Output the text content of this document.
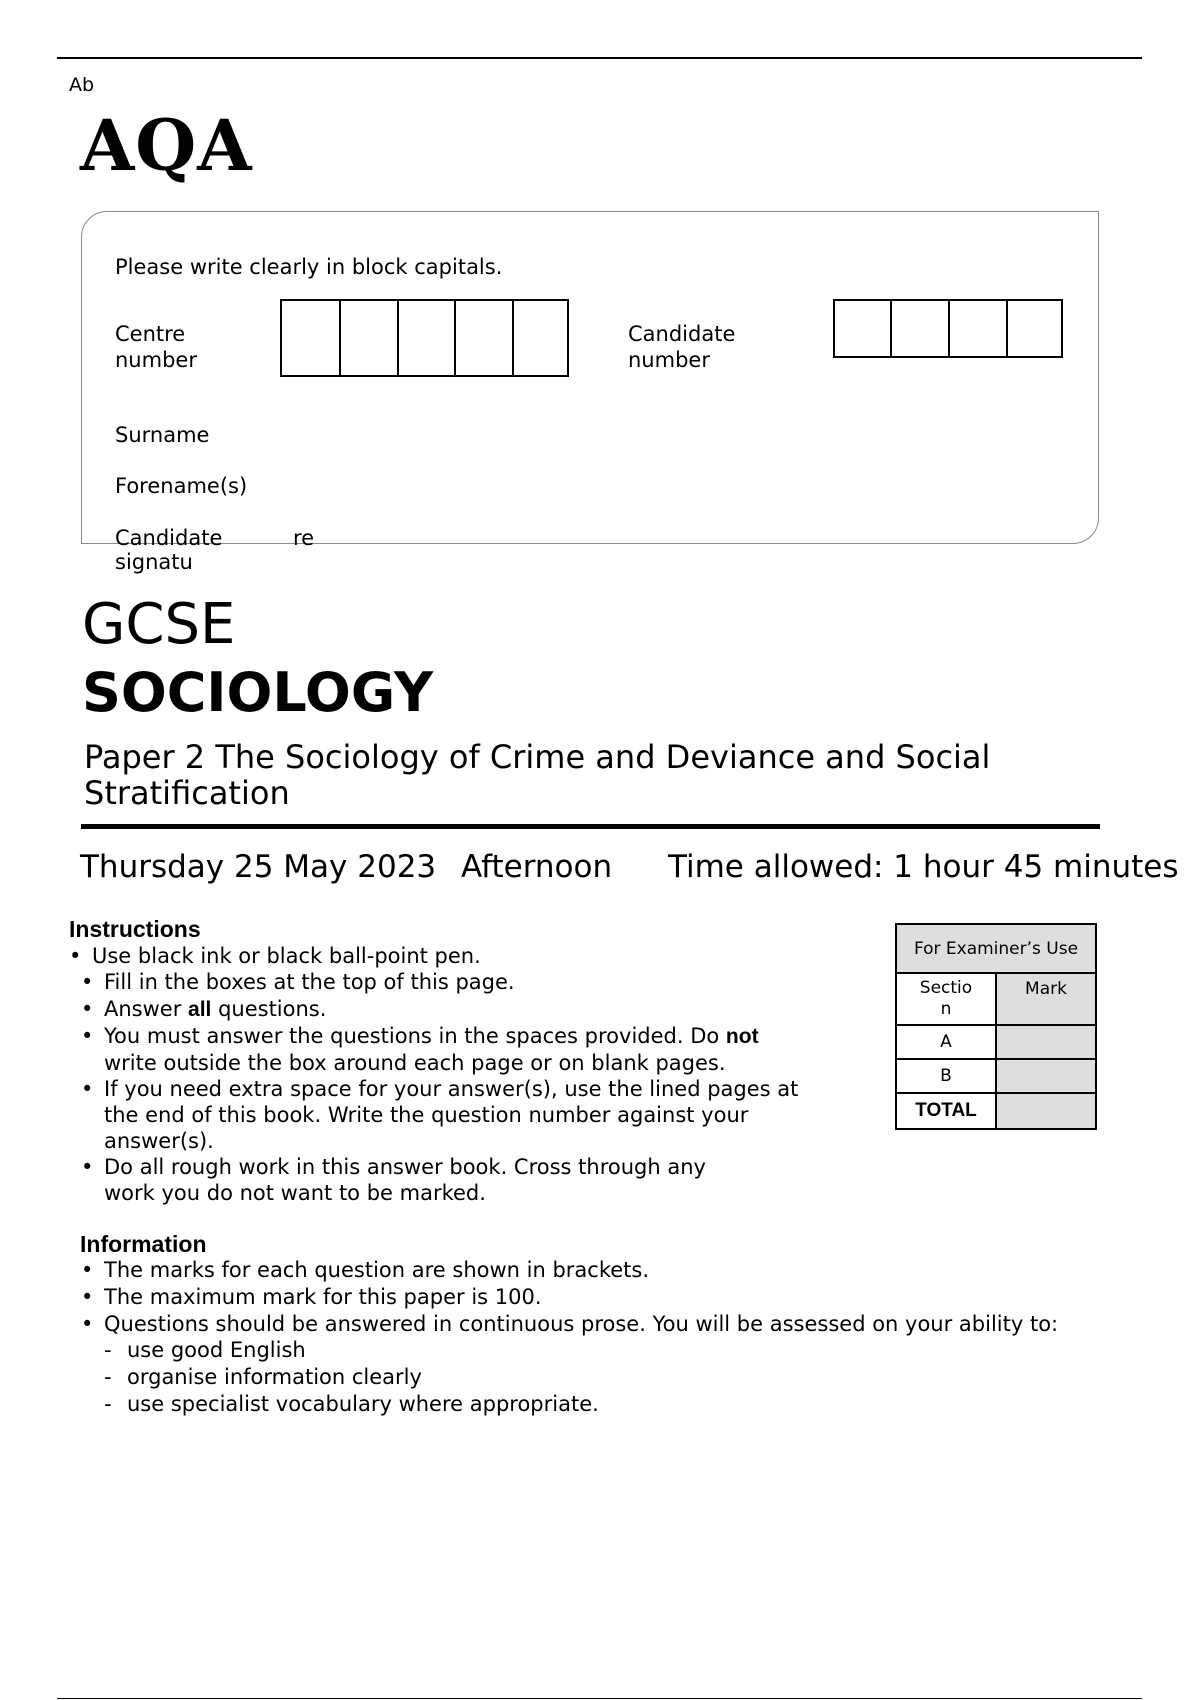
Ab
AQA
Please write clearly in block capitals.
Centre
number
Candidate
number
Surname
Forename(s)
Candidate	re
signatu
GCSE
SOCIOLOGY
Paper 2 The Sociology of Crime and Deviance and Social
Stratification
Thursday 25 May 2023 Afternoon Time allowed: 1 hour 45 minutes
Instructions
• Use black ink or black ball-point pen.
• Fill in the boxes at the top of this page.
• Answer all questions.
• You must answer the questions in the spaces provided. Do not
write outside the box around each page or on blank pages.
• If you need extra space for your answer(s), use the lined pages at
the end of this book. Write the question number against your
answer(s).
• Do all rough work in this answer book. Cross through any
work you do not want to be marked.
For Examiner’s Use	
Sectio
n	Mark
A	
B	
TOTAL	
Information
• The marks for each question are shown in brackets.
• The maximum mark for this paper is 100.
• Questions should be answered in continuous prose. You will be assessed on your ability to:
- use good English
- organise information clearly
- use specialist vocabulary where appropriate.
